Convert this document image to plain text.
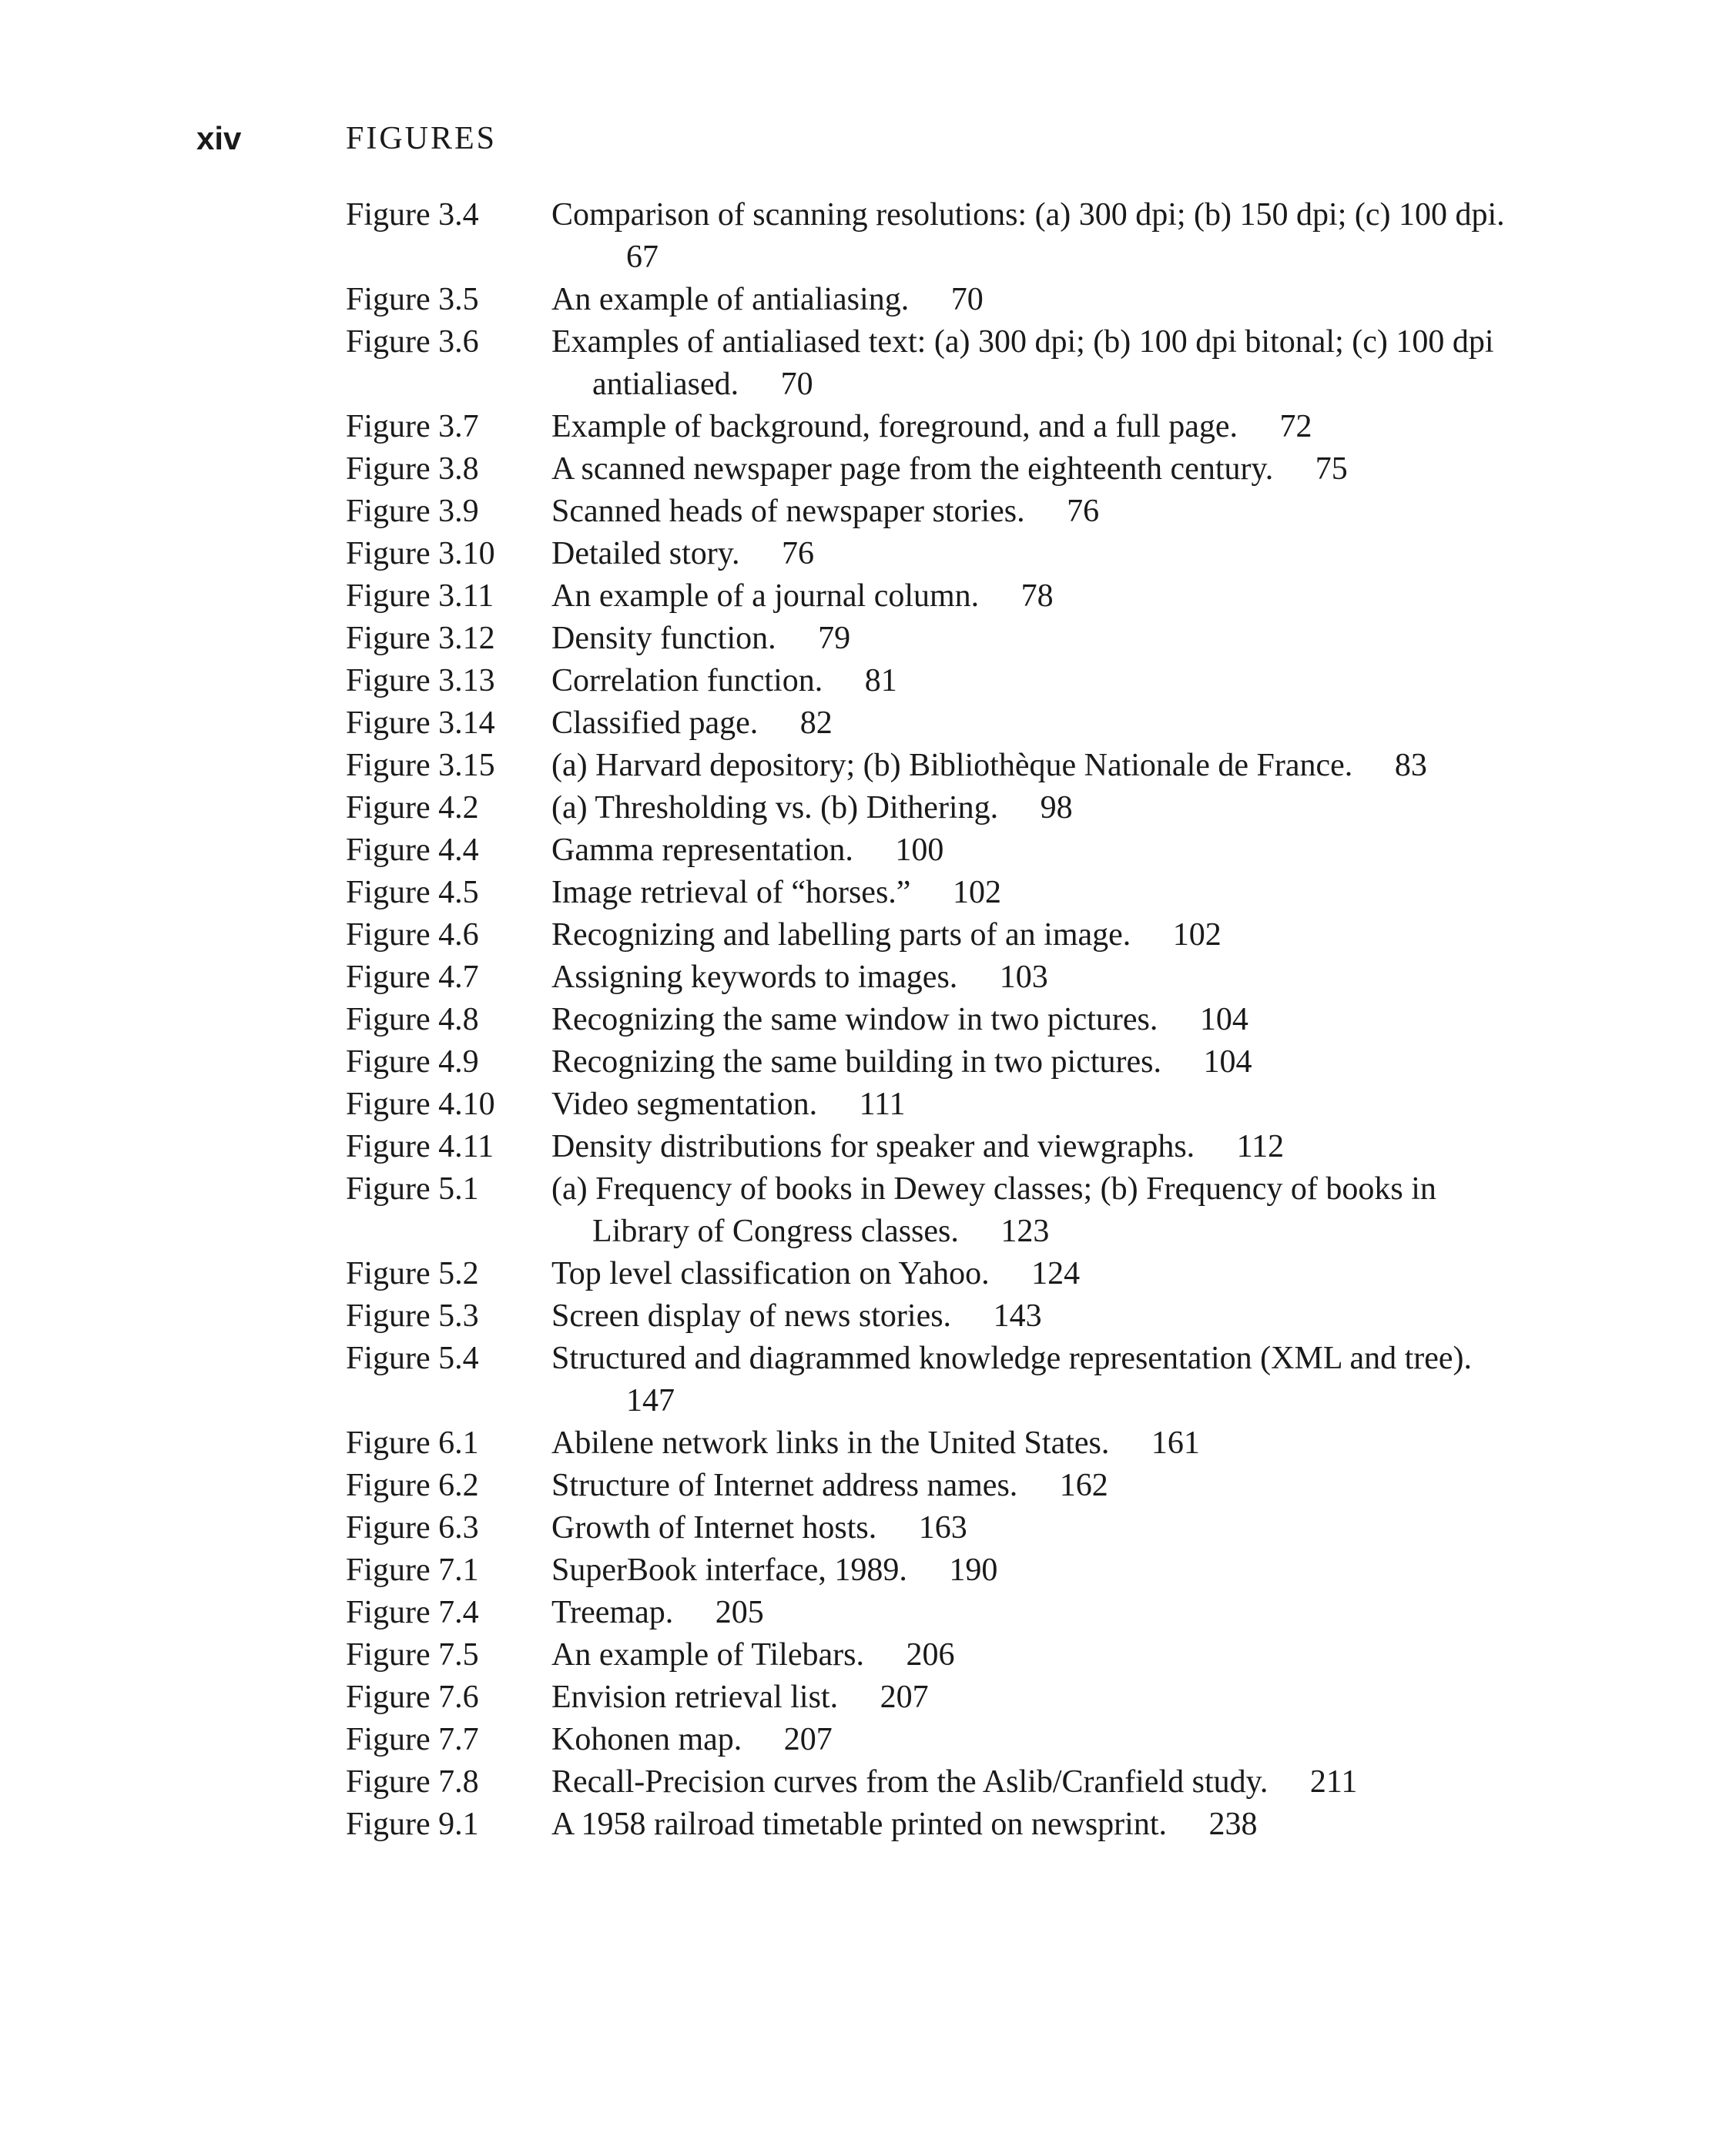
xiv	FIGURES
Figure 3.4	Comparison of scanning resolutions: (a) 300 dpi; (b) 150 dpi; (c) 100 dpi. 67
Figure 3.5	An example of antialiasing. 70
Figure 3.6	Examples of antialiased text: (a) 300 dpi; (b) 100 dpi bitonal; (c) 100 dpi antialiased. 70
Figure 3.7	Example of background, foreground, and a full page. 72
Figure 3.8	A scanned newspaper page from the eighteenth century. 75
Figure 3.9	Scanned heads of newspaper stories. 76
Figure 3.10	Detailed story. 76
Figure 3.11	An example of a journal column. 78
Figure 3.12	Density function. 79
Figure 3.13	Correlation function. 81
Figure 3.14	Classified page. 82
Figure 3.15	(a) Harvard depository; (b) Bibliothèque Nationale de France. 83
Figure 4.2	(a) Thresholding vs. (b) Dithering. 98
Figure 4.4	Gamma representation. 100
Figure 4.5	Image retrieval of “horses.” 102
Figure 4.6	Recognizing and labelling parts of an image. 102
Figure 4.7	Assigning keywords to images. 103
Figure 4.8	Recognizing the same window in two pictures. 104
Figure 4.9	Recognizing the same building in two pictures. 104
Figure 4.10	Video segmentation. 111
Figure 4.11	Density distributions for speaker and viewgraphs. 112
Figure 5.1	(a) Frequency of books in Dewey classes; (b) Frequency of books in Library of Congress classes. 123
Figure 5.2	Top level classification on Yahoo. 124
Figure 5.3	Screen display of news stories. 143
Figure 5.4	Structured and diagrammed knowledge representation (XML and tree). 147
Figure 6.1	Abilene network links in the United States. 161
Figure 6.2	Structure of Internet address names. 162
Figure 6.3	Growth of Internet hosts. 163
Figure 7.1	SuperBook interface, 1989. 190
Figure 7.4	Treemap. 205
Figure 7.5	An example of Tilebars. 206
Figure 7.6	Envision retrieval list. 207
Figure 7.7	Kohonen map. 207
Figure 7.8	Recall-Precision curves from the Aslib/Cranfield study. 211
Figure 9.1	A 1958 railroad timetable printed on newsprint. 238
